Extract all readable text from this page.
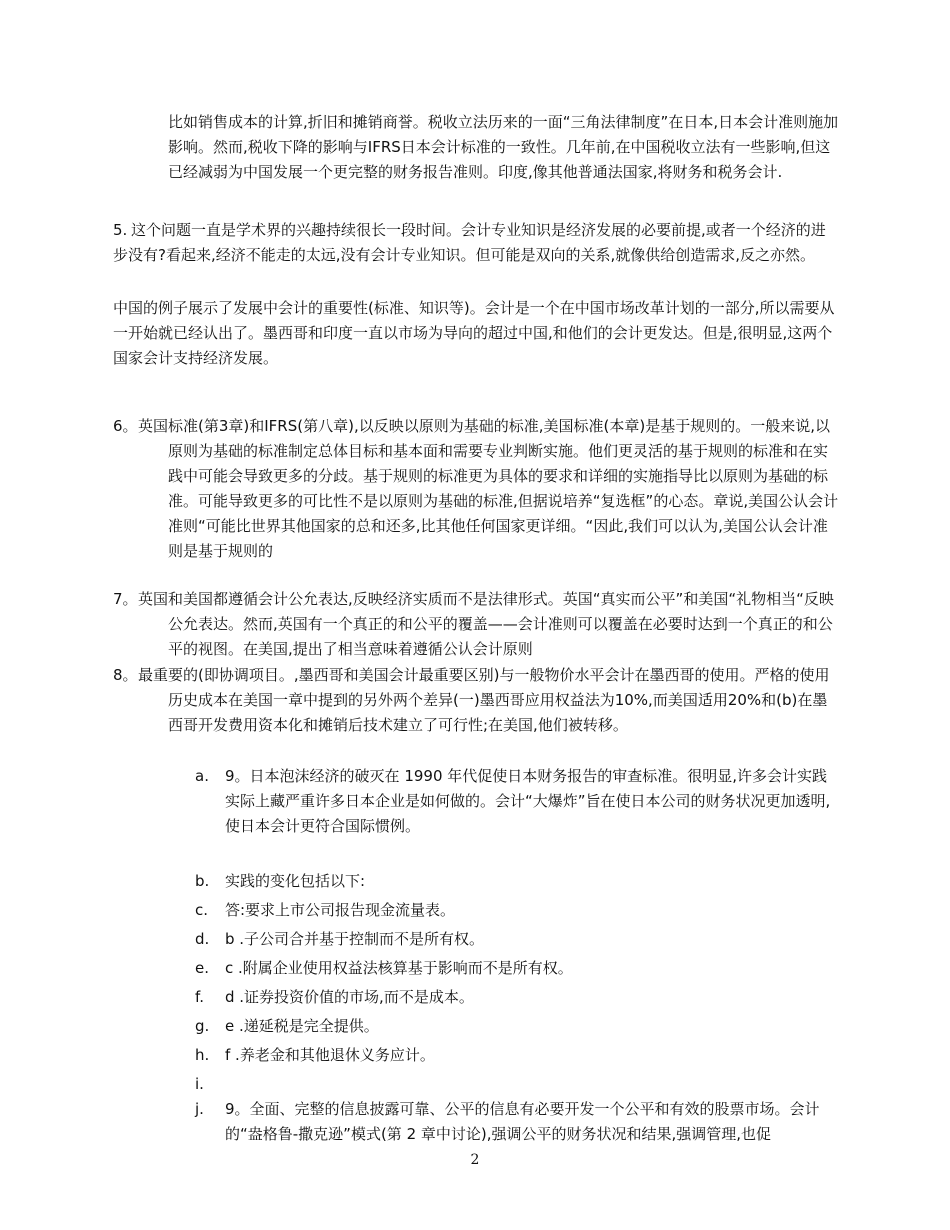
比如销售成本的计算,折旧和摊销商誉。税收立法历来的一面“三角法律制度”在日本,日本会计准则施加影响。然而,税收下降的影响与IFRS日本会计标准的一致性。几年前,在中国税收立法有一些影响,但这已经减弱为中国发展一个更完整的财务报告准则。印度,像其他普通法国家,将财务和税务会计.

5. 这个问题一直是学术界的兴趣持续很长一段时间。会计专业知识是经济发展的必要前提,或者一个经济的进步没有?看起来,经济不能走的太远,没有会计专业知识。但可能是双向的关系,就像供给创造需求,反之亦然。

中国的例子展示了发展中会计的重要性(标准、知识等)。会计是一个在中国市场改革计划的一部分,所以需要从一开始就已经认出了。墨西哥和印度一直以市场为导向的超过中国,和他们的会计更发达。但是,很明显,这两个国家会计支持经济发展。

6。 英国标准(第3章)和IFRS(第八章),以反映以原则为基础的标准,美国标准(本章)是基于规则的。一般来说,以原则为基础的标准制定总体目标和基本面和需要专业判断实施。他们更灵活的基于规则的标准和在实践中可能会导致更多的分歧。基于规则的标准更为具体的要求和详细的实施指导比以原则为基础的标准。可能导致更多的可比性不是以原则为基础的标准,但据说培养“复选框”的心态。章说,美国公认会计准则“可能比世界其他国家的总和还多,比其他任何国家更详细。“因此,我们可以认为,美国公认会计准则是基于规则的
7。 英国和美国都遵循会计公允表达,反映经济实质而不是法律形式。英国“真实而公平”和美国“礼物相当“反映公允表达。然而,英国有一个真正的和公平的覆盖——会计准则可以覆盖在必要时达到一个真正的和公平的视图。在美国,提出了相当意味着遵循公认会计原则
8。 最重要的(即协调项目。,墨西哥和美国会计最重要区别)与一般物价水平会计在墨西哥的使用。严格的使用历史成本在美国一章中提到的另外两个差异(一)墨西哥应用权益法为10%,而美国适用20%和(b)在墨西哥开发费用资本化和摊销后技术建立了可行性;在美国,他们被转移。
a.	9。日本泡沫经济的破灭在 1990 年代促使日本财务报告的审查标准。很明显,许多会计实践实际上藏严重许多日本企业是如何做的。会计“大爆炸”旨在使日本公司的财务状况更加透明,使日本会计更符合国际惯例。
b.	实践的变化包括以下:
c.	答:要求上市公司报告现金流量表。
d.	b .子公司合并基于控制而不是所有权。
e.	c .附属企业使用权益法核算基于影响而不是所有权。
f.	d .证券投资价值的市场,而不是成本。
g.	e .递延税是完全提供。
h.	f .养老金和其他退休义务应计。
i.
j.	9。全面、完整的信息披露可靠、公平的信息有必要开发一个公平和有效的股票市场。会计的“盎格鲁-撒克逊”模式(第 2 章中讨论),强调公平的财务状况和结果,强调管理,也促
2
